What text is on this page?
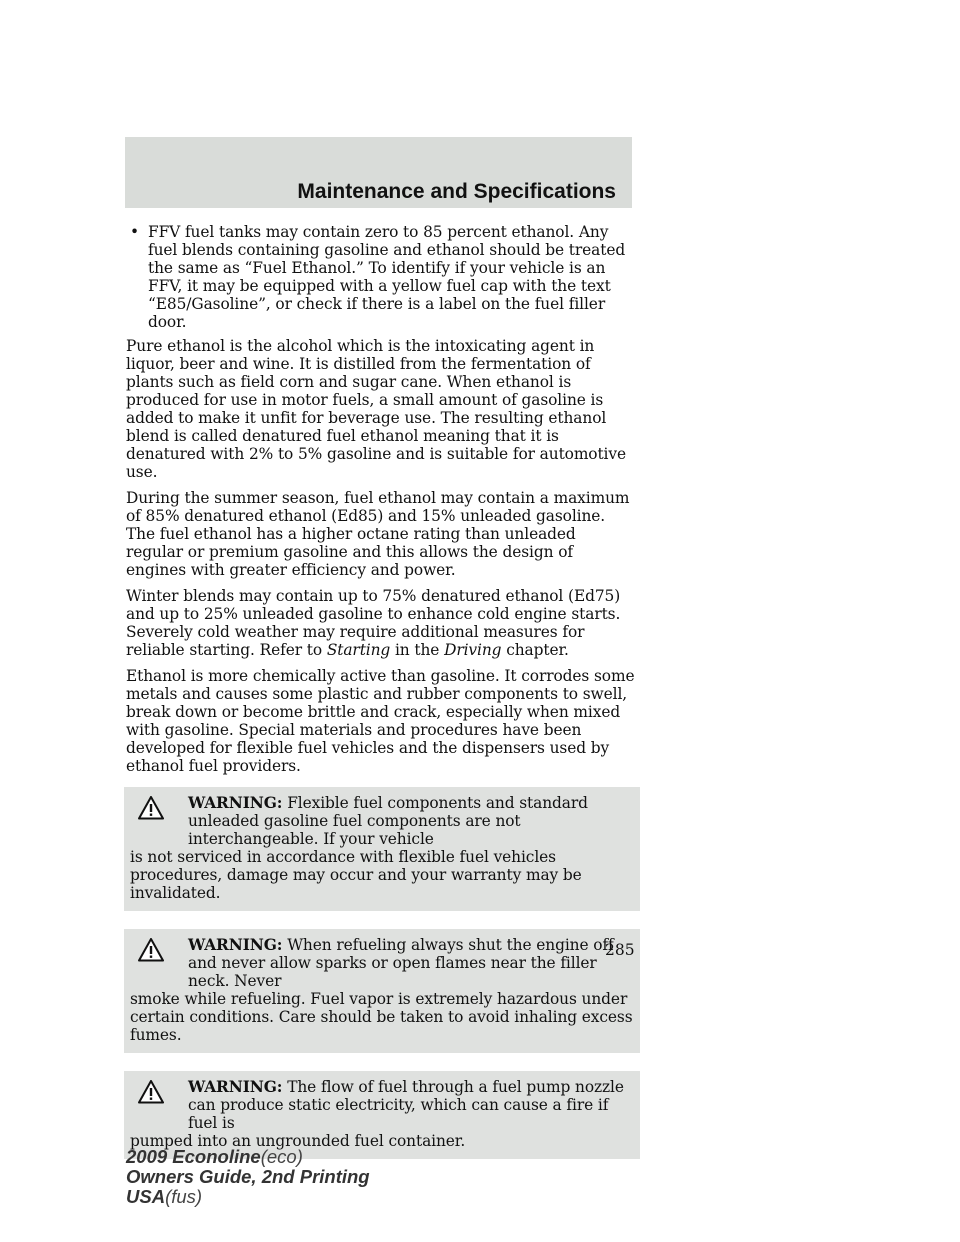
Maintenance and Specifications
• FFV fuel tanks may contain zero to 85 percent ethanol. Any fuel blends containing gasoline and ethanol should be treated the same as “Fuel Ethanol.” To identify if your vehicle is an FFV, it may be equipped with a yellow fuel cap with the text “E85/Gasoline”, or check if there is a label on the fuel filler door.

Pure ethanol is the alcohol which is the intoxicating agent in liquor, beer and wine. It is distilled from the fermentation of plants such as field corn and sugar cane. When ethanol is produced for use in motor fuels, a small amount of gasoline is added to make it unfit for beverage use. The resulting ethanol blend is called denatured fuel ethanol meaning that it is denatured with 2% to 5% gasoline and is suitable for automotive use.

During the summer season, fuel ethanol may contain a maximum of 85% denatured ethanol (Ed85) and 15% unleaded gasoline. The fuel ethanol has a higher octane rating than unleaded regular or premium gasoline and this allows the design of engines with greater efficiency and power.

Winter blends may contain up to 75% denatured ethanol (Ed75) and up to 25% unleaded gasoline to enhance cold engine starts. Severely cold weather may require additional measures for reliable starting. Refer to Starting in the Driving chapter.

Ethanol is more chemically active than gasoline. It corrodes some metals and causes some plastic and rubber components to swell, break down or become brittle and crack, especially when mixed with gasoline. Special materials and procedures have been developed for flexible fuel vehicles and the dispensers used by ethanol fuel providers.

WARNING: Flexible fuel components and standard unleaded gasoline fuel components are not interchangeable. If your vehicle
is not serviced in accordance with flexible fuel vehicles procedures, damage may occur and your warranty may be invalidated.
WARNING: When refueling always shut the engine off and never allow sparks or open flames near the filler neck. Never
smoke while refueling. Fuel vapor is extremely hazardous under certain conditions. Care should be taken to avoid inhaling excess fumes.
WARNING: The flow of fuel through a fuel pump nozzle can produce static electricity, which can cause a fire if fuel is
pumped into an ungrounded fuel container.
285
2009 Econoline(eco)
Owners Guide, 2nd Printing
USA(fus)
